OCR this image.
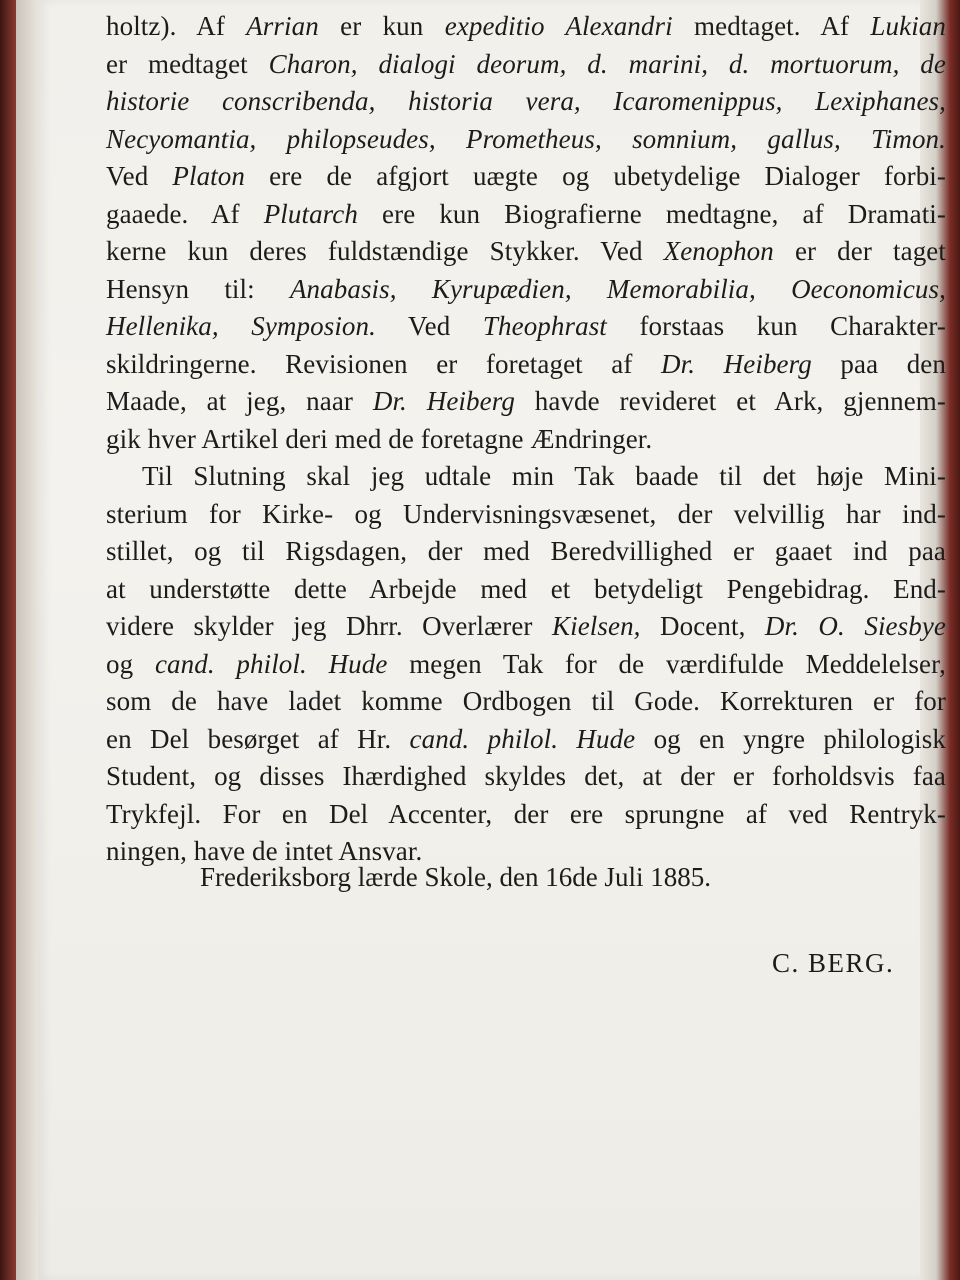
holtz). Af Arrian er kun expeditio Alexandri medtaget. Af Lukian
er medtaget Charon, dialogi deorum, d. marini, d. mortuorum, de
historie conscribenda, historia vera, Icaromenippus, Lexiphanes,
Necyomantia, philopseudes, Prometheus, somnium, gallus, Timon.
Ved Platon ere de afgjort uægte og ubetydelige Dialoger forbi-
gaaede. Af Plutarch ere kun Biografierne medtagne, af Dramati-
kerne kun deres fuldstændige Stykker. Ved Xenophon er der taget
Hensyn til: Anabasis, Kyrupædien, Memorabilia, Oeconomicus,
Hellenika, Symposion. Ved Theophrast forstaas kun Charakter-
skildringerne. Revisionen er foretaget af Dr. Heiberg paa den
Maade, at jeg, naar Dr. Heiberg havde revideret et Ark, gjennem-
gik hver Artikel deri med de foretagne Ændringer.
Til Slutning skal jeg udtale min Tak baade til det høje Mini-
sterium for Kirke- og Undervisningsvæsenet, der velvillig har ind-
stillet, og til Rigsdagen, der med Beredvillighed er gaaet ind paa
at understøtte dette Arbejde med et betydeligt Pengebidrag. End-
videre skylder jeg Dhrr. Overlærer Kielsen, Docent, Dr. O. Siesbye
og cand. philol. Hude megen Tak for de værdifulde Meddelelser,
som de have ladet komme Ordbogen til Gode. Korrekturen er for
en Del besørget af Hr. cand. philol. Hude og en yngre philologisk
Student, og disses Ihærdighed skyldes det, at der er forholdsvis faa
Trykfejl. For en Del Accenter, der ere sprungne af ved Rentryk-
ningen, have de intet Ansvar.
Frederiksborg lærde Skole, den 16de Juli 1885.
C. BERG.
